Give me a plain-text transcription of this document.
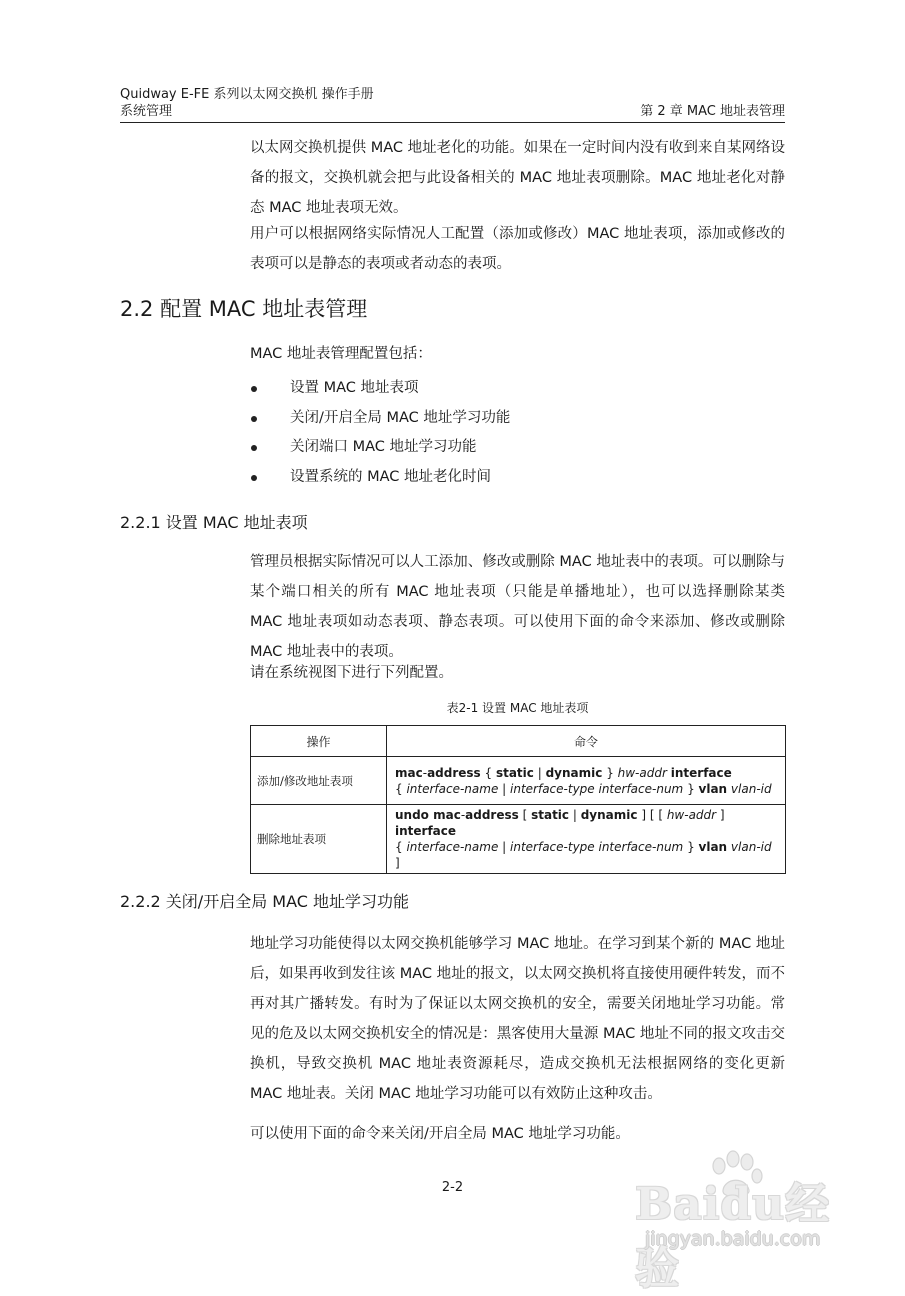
Quidway E-FE 系列以太网交换机 操作手册
系统管理	第 2 章 MAC 地址表管理

以太网交换机提供 MAC 地址老化的功能。如果在一定时间内没有收到来自某网络设备的报文，交换机就会把与此设备相关的 MAC 地址表项删除。MAC 地址老化对静态 MAC 地址表项无效。

用户可以根据网络实际情况人工配置（添加或修改）MAC 地址表项，添加或修改的表项可以是静态的表项或者动态的表项。

2.2 配置 MAC 地址表管理

MAC 地址表管理配置包括：

设置 MAC 地址表项
关闭/开启全局 MAC 地址学习功能
关闭端口 MAC 地址学习功能
设置系统的 MAC 地址老化时间
2.2.1 设置 MAC 地址表项

管理员根据实际情况可以人工添加、修改或删除 MAC 地址表中的表项。可以删除与某个端口相关的所有 MAC 地址表项（只能是单播地址），也可以选择删除某类 MAC 地址表项如动态表项、静态表项。可以使用下面的命令来添加、修改或删除 MAC 地址表中的表项。

请在系统视图下进行下列配置。

表2-1 设置 MAC 地址表项
操作	命令
添加/修改地址表项	mac-address { static | dynamic } hw-addr interface
{ interface-name | interface-type interface-num } vlan vlan-id

删除地址表项	undo mac-address [ static | dynamic ] [ [ hw-addr ] interface
{ interface-name | interface-type interface-num } vlan vlan-id ]
2.2.2 关闭/开启全局 MAC 地址学习功能

地址学习功能使得以太网交换机能够学习 MAC 地址。在学习到某个新的 MAC 地址后，如果再收到发往该 MAC 地址的报文，以太网交换机将直接使用硬件转发，而不再对其广播转发。有时为了保证以太网交换机的安全，需要关闭地址学习功能。常见的危及以太网交换机安全的情况是：黑客使用大量源 MAC 地址不同的报文攻击交换机，导致交换机 MAC 地址表资源耗尽，造成交换机无法根据网络的变化更新 MAC 地址表。关闭 MAC 地址学习功能可以有效防止这种攻击。

可以使用下面的命令来关闭/开启全局 MAC 地址学习功能。

2-2	Baidu经验
jingyan.baidu.com
